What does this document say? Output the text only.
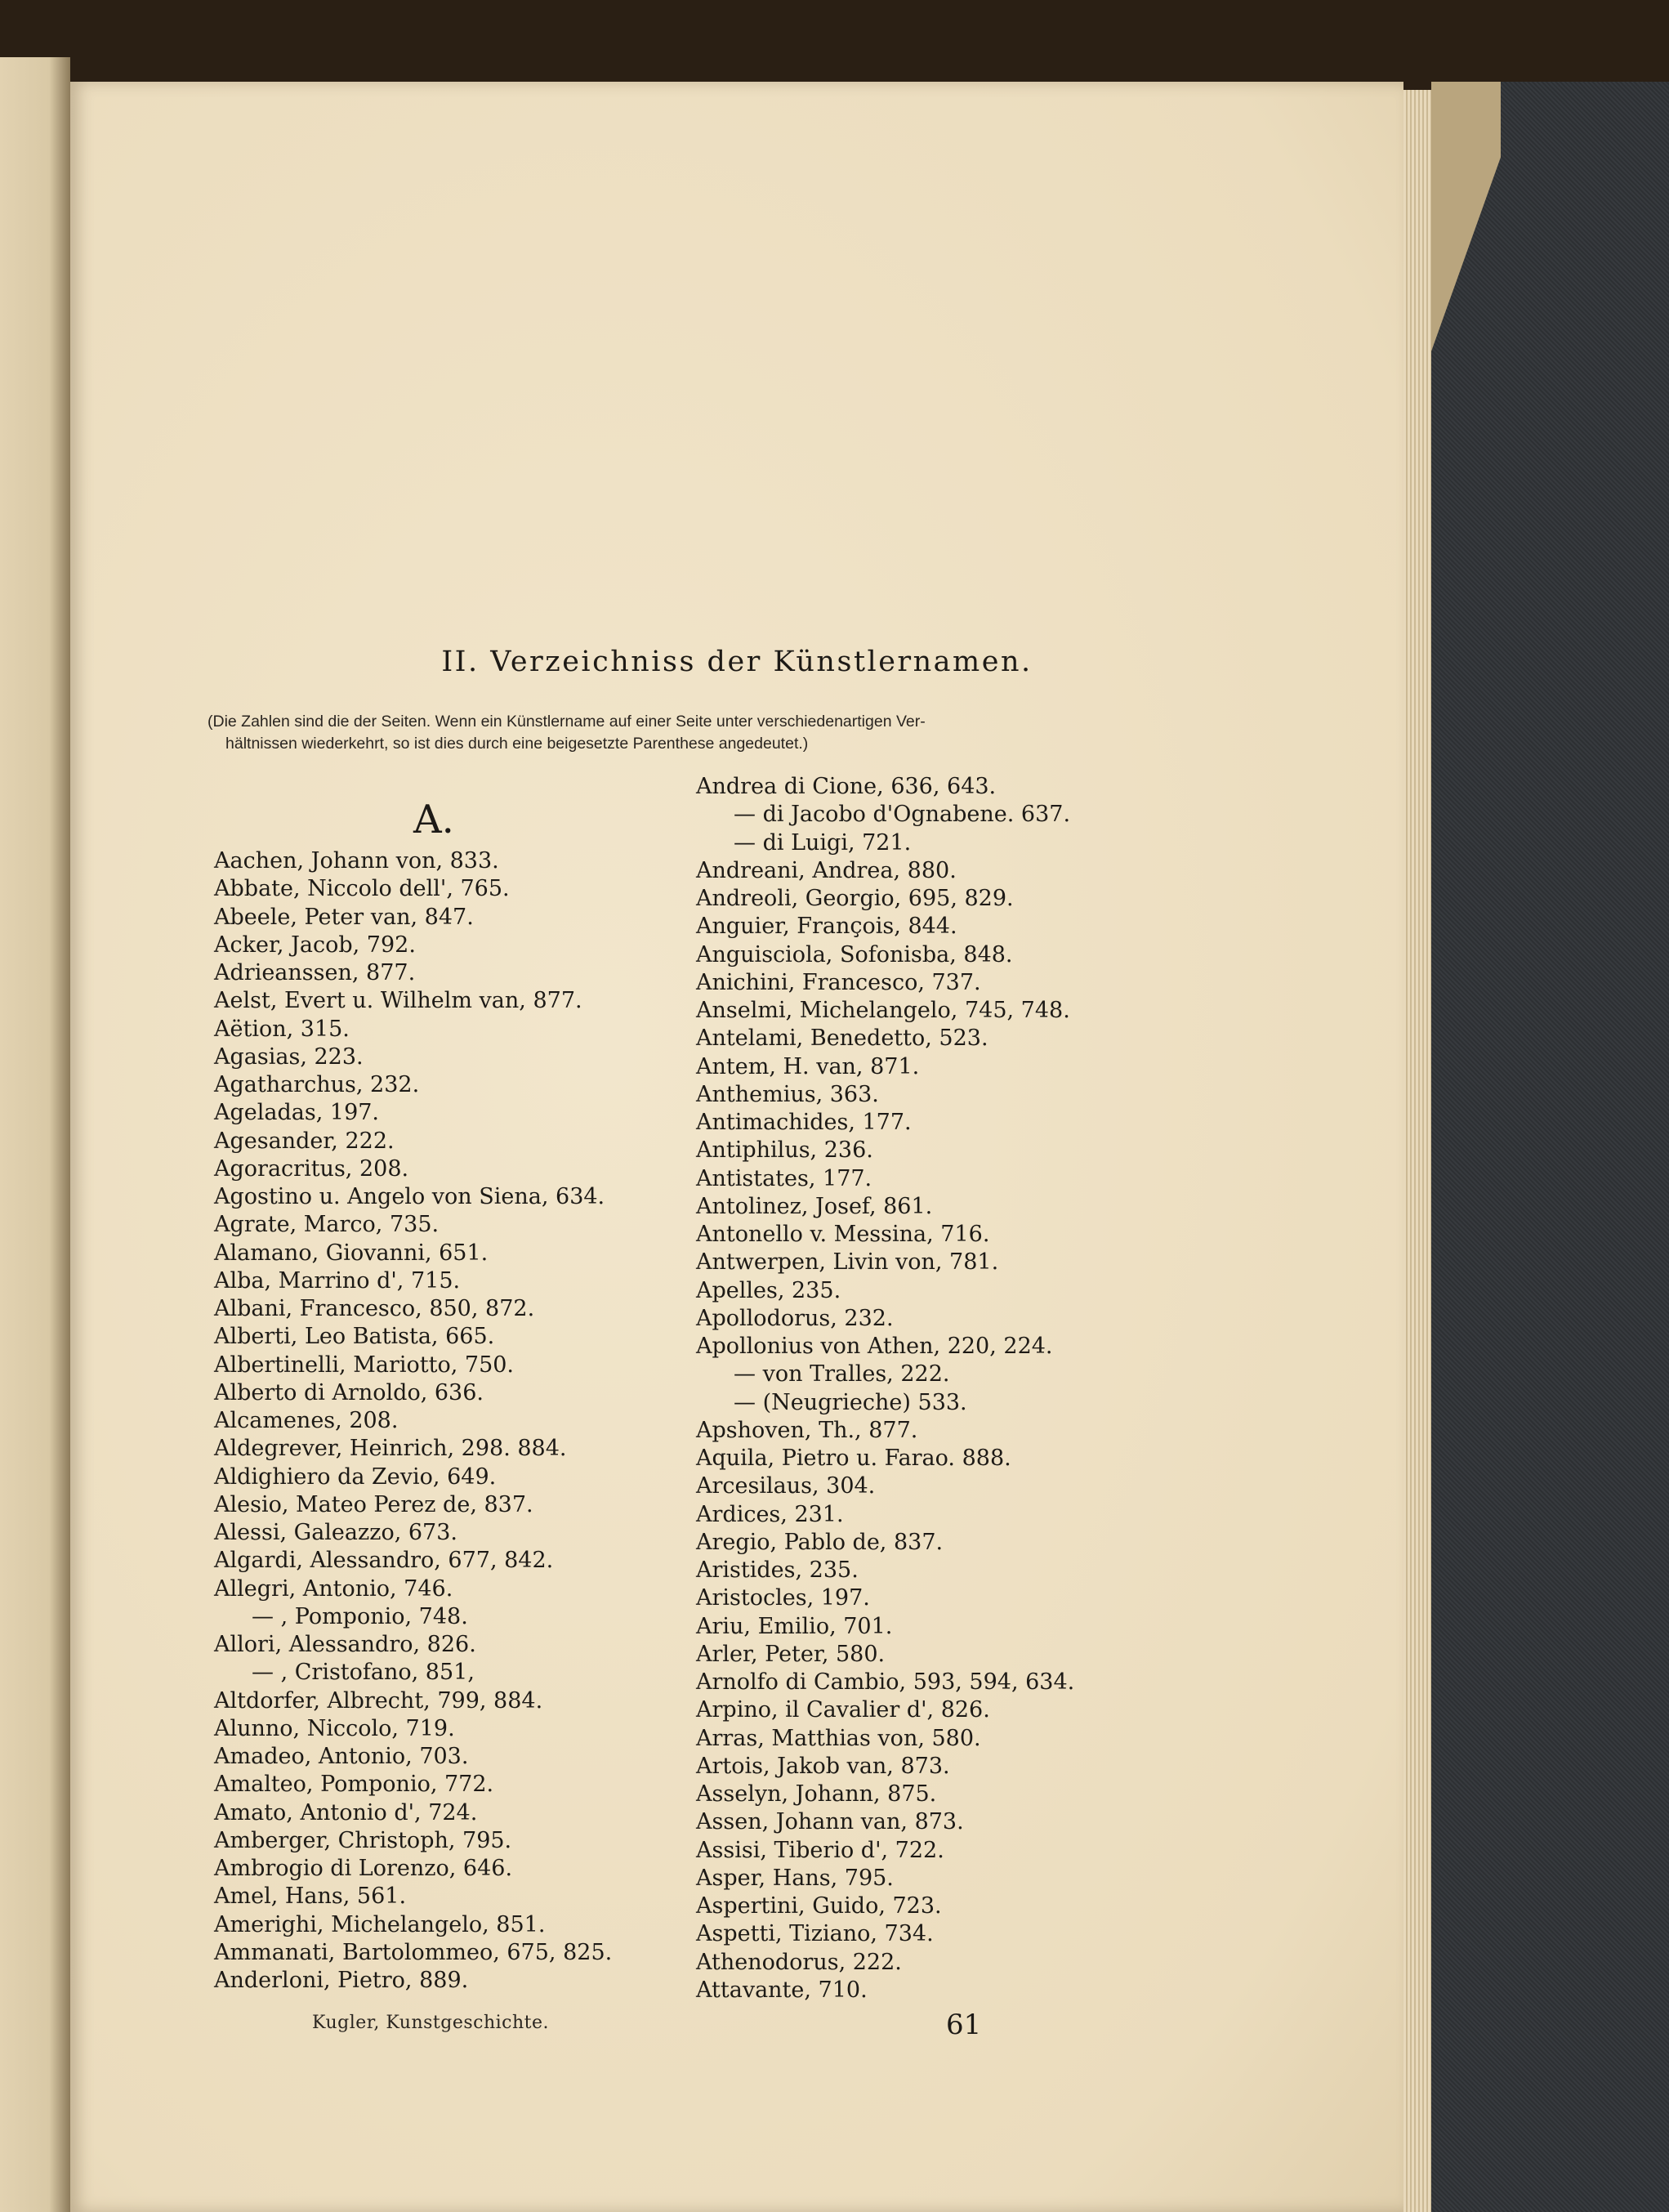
II. Verzeichniss der Künstlernamen.
(Die Zahlen sind die der Seiten. Wenn ein Künstlername auf einer Seite unter verschiedenartigen Ver-
hältnissen wiederkehrt, so ist dies durch eine beigesetzte Parenthese angedeutet.)
A.
Aachen, Johann von, 833.
Abbate, Niccolo dell', 765.
Abeele, Peter van, 847.
Acker, Jacob, 792.
Adrieanssen, 877.
Aelst, Evert u. Wilhelm van, 877.
Aëtion, 315.
Agasias, 223.
Agatharchus, 232.
Ageladas, 197.
Agesander, 222.
Agoracritus, 208.
Agostino u. Angelo von Siena, 634.
Agrate, Marco, 735.
Alamano, Giovanni, 651.
Alba, Marrino d', 715.
Albani, Francesco, 850, 872.
Alberti, Leo Batista, 665.
Albertinelli, Mariotto, 750.
Alberto di Arnoldo, 636.
Alcamenes, 208.
Aldegrever, Heinrich, 298. 884.
Aldighiero da Zevio, 649.
Alesio, Mateo Perez de, 837.
Alessi, Galeazzo, 673.
Algardi, Alessandro, 677, 842.
Allegri, Antonio, 746.
— , Pomponio, 748.
Allori, Alessandro, 826.
— , Cristofano, 851,
Altdorfer, Albrecht, 799, 884.
Alunno, Niccolo, 719.
Amadeo, Antonio, 703.
Amalteo, Pomponio, 772.
Amato, Antonio d', 724.
Amberger, Christoph, 795.
Ambrogio di Lorenzo, 646.
Amel, Hans, 561.
Amerighi, Michelangelo, 851.
Ammanati, Bartolommeo, 675, 825.
Anderloni, Pietro, 889.
Andrea di Cione, 636, 643.
— di Jacobo d'Ognabene. 637.
— di Luigi, 721.
Andreani, Andrea, 880.
Andreoli, Georgio, 695, 829.
Anguier, François, 844.
Anguisciola, Sofonisba, 848.
Anichini, Francesco, 737.
Anselmi, Michelangelo, 745, 748.
Antelami, Benedetto, 523.
Antem, H. van, 871.
Anthemius, 363.
Antimachides, 177.
Antiphilus, 236.
Antistates, 177.
Antolinez, Josef, 861.
Antonello v. Messina, 716.
Antwerpen, Livin von, 781.
Apelles, 235.
Apollodorus, 232.
Apollonius von Athen, 220, 224.
— von Tralles, 222.
— (Neugrieche) 533.
Apshoven, Th., 877.
Aquila, Pietro u. Farao. 888.
Arcesilaus, 304.
Ardices, 231.
Aregio, Pablo de, 837.
Aristides, 235.
Aristocles, 197.
Ariu, Emilio, 701.
Arler, Peter, 580.
Arnolfo di Cambio, 593, 594, 634.
Arpino, il Cavalier d', 826.
Arras, Matthias von, 580.
Artois, Jakob van, 873.
Asselyn, Johann, 875.
Assen, Johann van, 873.
Assisi, Tiberio d', 722.
Asper, Hans, 795.
Aspertini, Guido, 723.
Aspetti, Tiziano, 734.
Athenodorus, 222.
Attavante, 710.
Kugler, Kunstgeschichte.	61
